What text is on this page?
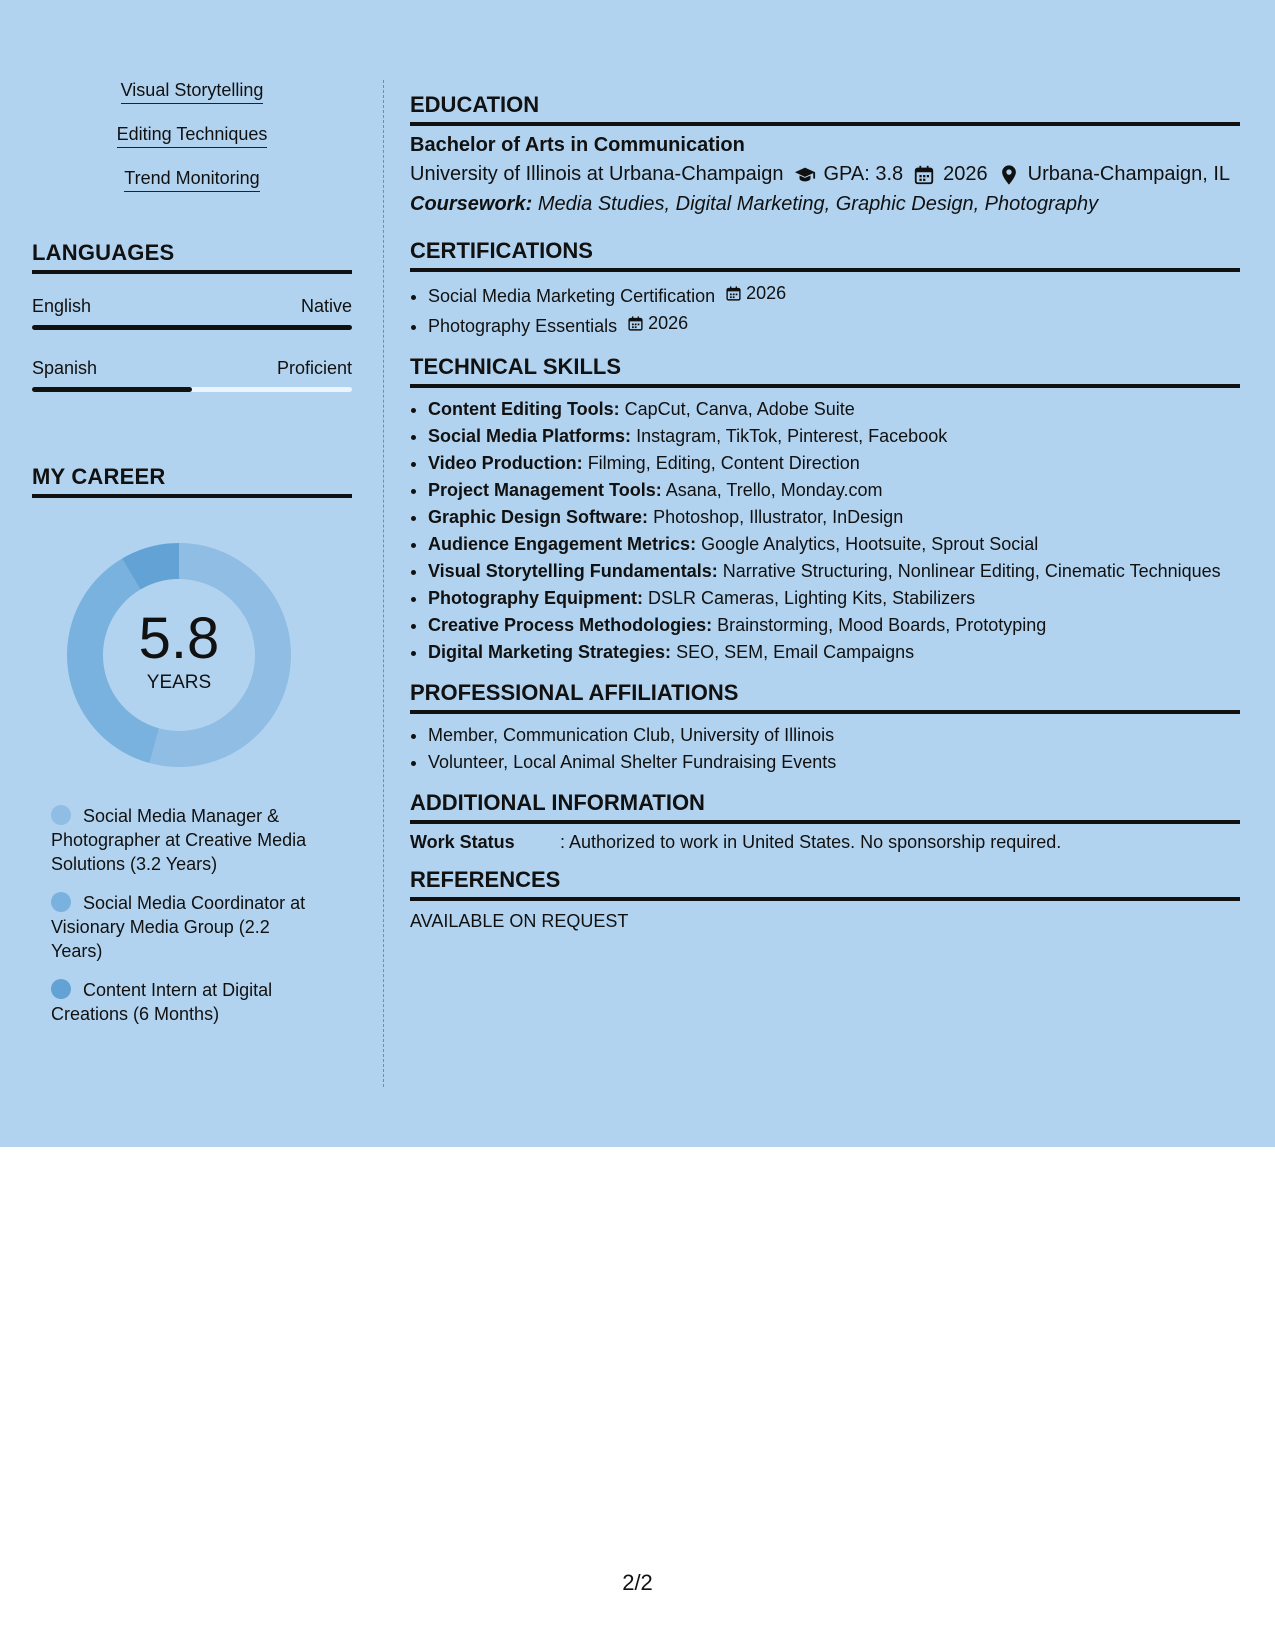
Visual Storytelling
Editing Techniques
Trend Monitoring
LANGUAGES
English	Native
Spanish	Proficient
MY CAREER
5.8
YEARS
Social Media Manager & Photographer at Creative Media Solutions (3.2 Years)
Social Media Coordinator at Visionary Media Group (2.2 Years)
Content Intern at Digital Creations (6 Months)
EDUCATION
Bachelor of Arts in Communication
University of Illinois at Urbana-Champaign GPA: 3.8 2026 Urbana-Champaign, IL
Coursework: Media Studies, Digital Marketing, Graphic Design, Photography
CERTIFICATIONS
• Social Media Marketing Certification 2026
• Photography Essentials 2026
TECHNICAL SKILLS
• Content Editing Tools: CapCut, Canva, Adobe Suite
• Social Media Platforms: Instagram, TikTok, Pinterest, Facebook
• Video Production: Filming, Editing, Content Direction
• Project Management Tools: Asana, Trello, Monday.com
• Graphic Design Software: Photoshop, Illustrator, InDesign
• Audience Engagement Metrics: Google Analytics, Hootsuite, Sprout Social
• Visual Storytelling Fundamentals: Narrative Structuring, Nonlinear Editing, Cinematic Techniques
• Photography Equipment: DSLR Cameras, Lighting Kits, Stabilizers
• Creative Process Methodologies: Brainstorming, Mood Boards, Prototyping
• Digital Marketing Strategies: SEO, SEM, Email Campaigns
PROFESSIONAL AFFILIATIONS
• Member, Communication Club, University of Illinois
• Volunteer, Local Animal Shelter Fundraising Events
ADDITIONAL INFORMATION
Work Status	: Authorized to work in United States. No sponsorship required.
REFERENCES
AVAILABLE ON REQUEST
2/2
